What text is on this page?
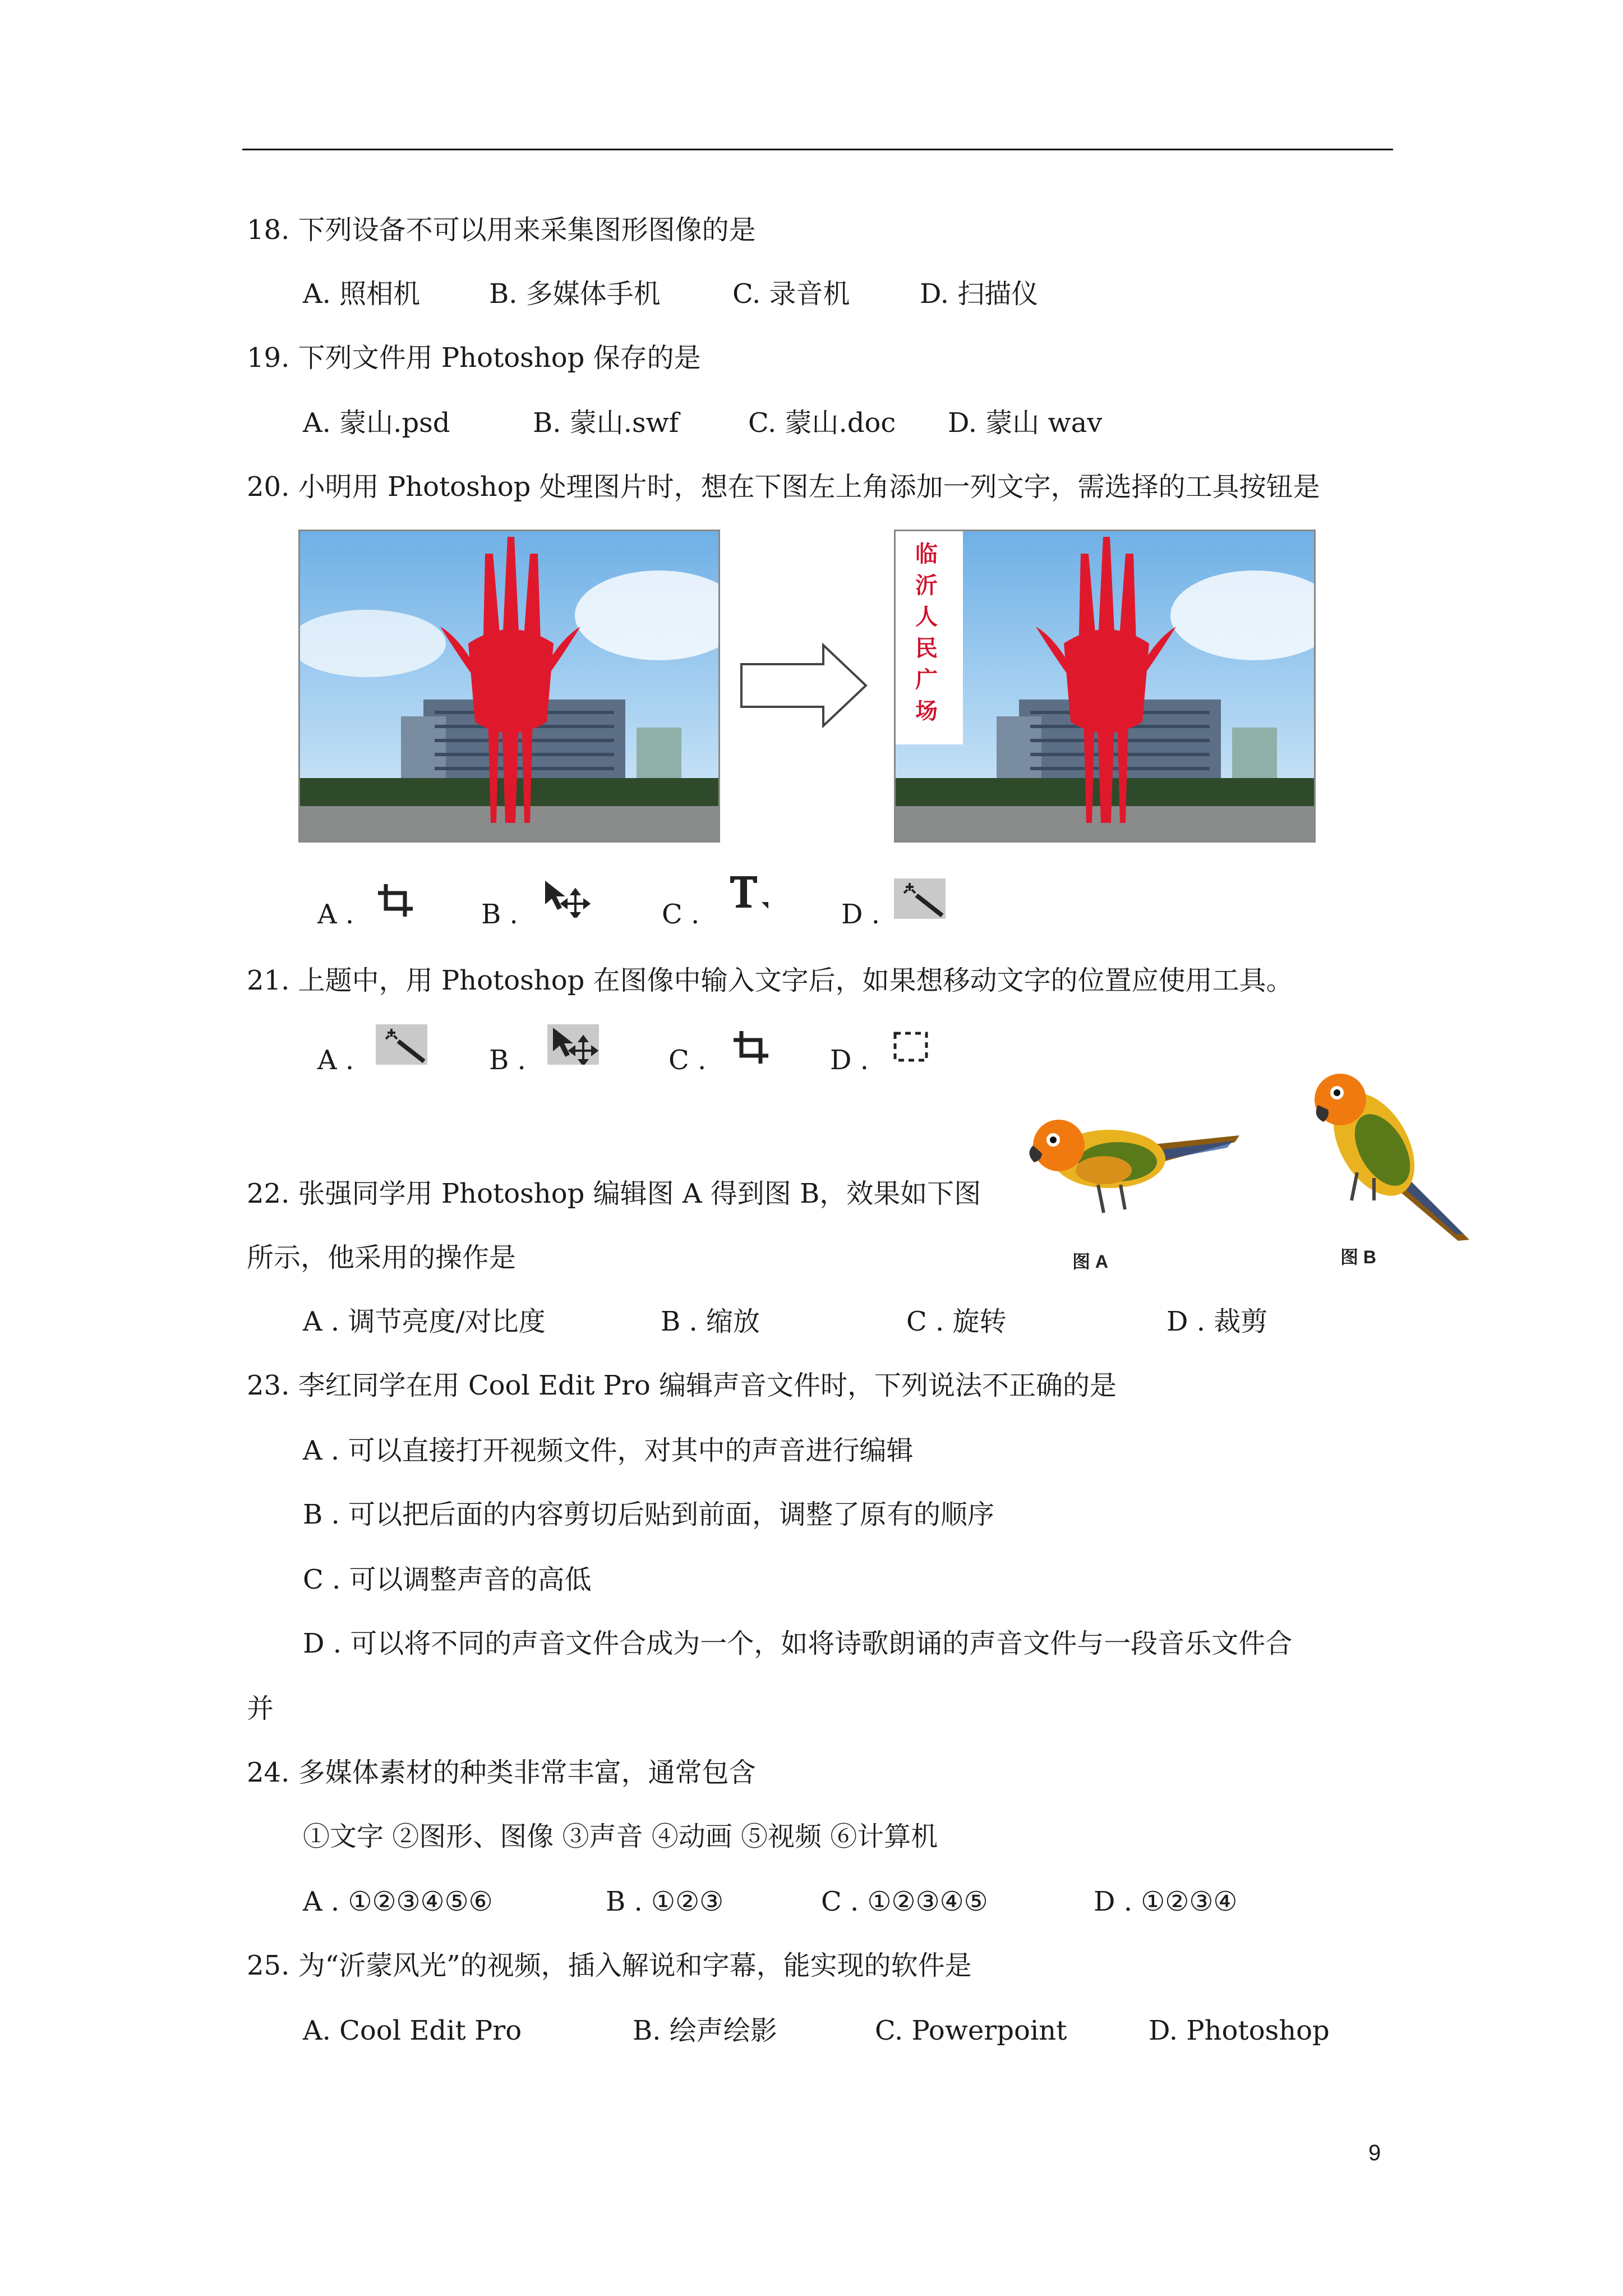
18. 下列设备不可以用来采集图形图像的是
A. 照相机	B. 多媒体手机	C. 录音机	D. 扫描仪
19. 下列文件用 Photoshop 保存的是
A. 蒙山.psd	B. 蒙山.swf	C. 蒙山.doc D. 蒙山 wav
20. 小明用 Photoshop 处理图片时，想在下图左上角添加一列文字，需选择的工具按钮是
临
沂
人
民
广
场
A .	B .	C .	D .
21. 上题中，用 Photoshop 在图像中输入文字后，如果想移动文字的位置应使用工具。
A .	B .	C .	D .
22. 张强同学用 Photoshop 编辑图 A 得到图 B，效果如下图
所示，他采用的操作是	图 A	图 B
A . 调节亮度/对比度	B . 缩放	C . 旋转	D . 裁剪
23. 李红同学在用 Cool Edit Pro 编辑声音文件时，下列说法不正确的是
A . 可以直接打开视频文件，对其中的声音进行编辑
B . 可以把后面的内容剪切后贴到前面，调整了原有的顺序
C . 可以调整声音的高低
D . 可以将不同的声音文件合成为一个，如将诗歌朗诵的声音文件与一段音乐文件合
并
24. 多媒体素材的种类非常丰富，通常包含
①文字 ②图形、图像 ③声音 ④动画 ⑤视频 ⑥计算机
A . ①②③④⑤⑥	B . ①②③	C . ①②③④⑤	D . ①②③④
25. 为“沂蒙风光”的视频，插入解说和字幕，能实现的软件是
A. Cool Edit Pro	B. 绘声绘影	C. Powerpoint	D. Photoshop
9
